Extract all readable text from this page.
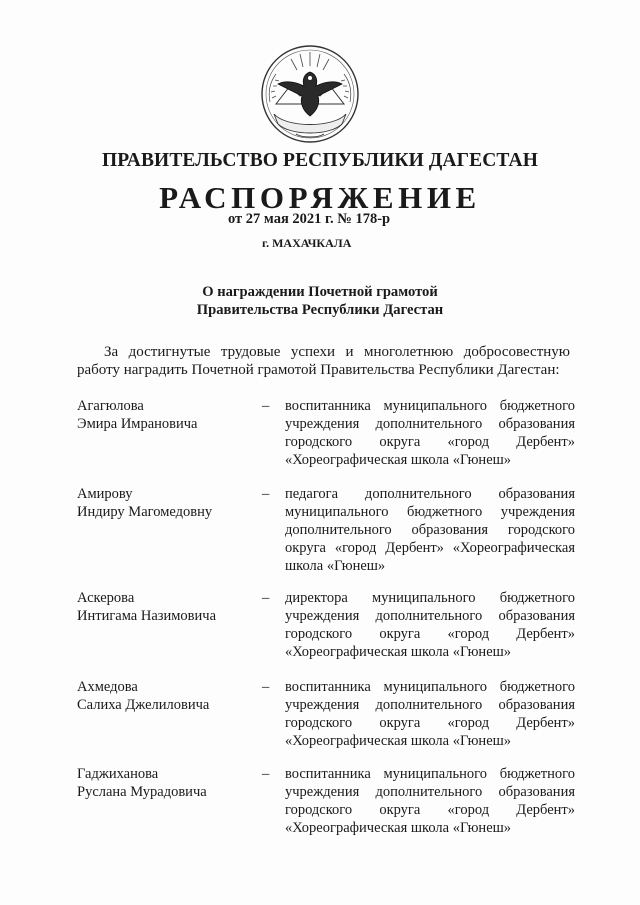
ПРАВИТЕЛЬСТВО РЕСПУБЛИКИ ДАГЕСТАН
РАСПОРЯЖЕНИЕ
от 27 мая 2021 г. № 178-р
г. МАХАЧКАЛА
О награждении Почетной грамотой
Правительства Республики Дагестан
За достигнутые трудовые успехи и многолетнюю добросовестную работу наградить Почетной грамотой Правительства Республики Дагестан:
Агагюлова
Эмира Имрановича
– воспитанника муниципального бюджетного учреждения дополнительного образования городского округа «город Дербент» «Хореографическая школа «Гюнеш»
Амирову
Индиру Магомедовну
– педагога дополнительного образования муниципального бюджетного учреждения дополнительного образования городского округа «город Дербент» «Хореографическая школа «Гюнеш»
Аскерова
Интигама Назимовича
– директора муниципального бюджетного учреждения дополнительного образования городского округа «город Дербент» «Хореографическая школа «Гюнеш»
Ахмедова
Салиха Джелиловича
– воспитанника муниципального бюджетного учреждения дополнительного образования городского округа «город Дербент» «Хореографическая школа «Гюнеш»
Гаджиханова
Руслана Мурадовича
– воспитанника муниципального бюджетного учреждения дополнительного образования городского округа «город Дербент» «Хореографическая школа «Гюнеш»
